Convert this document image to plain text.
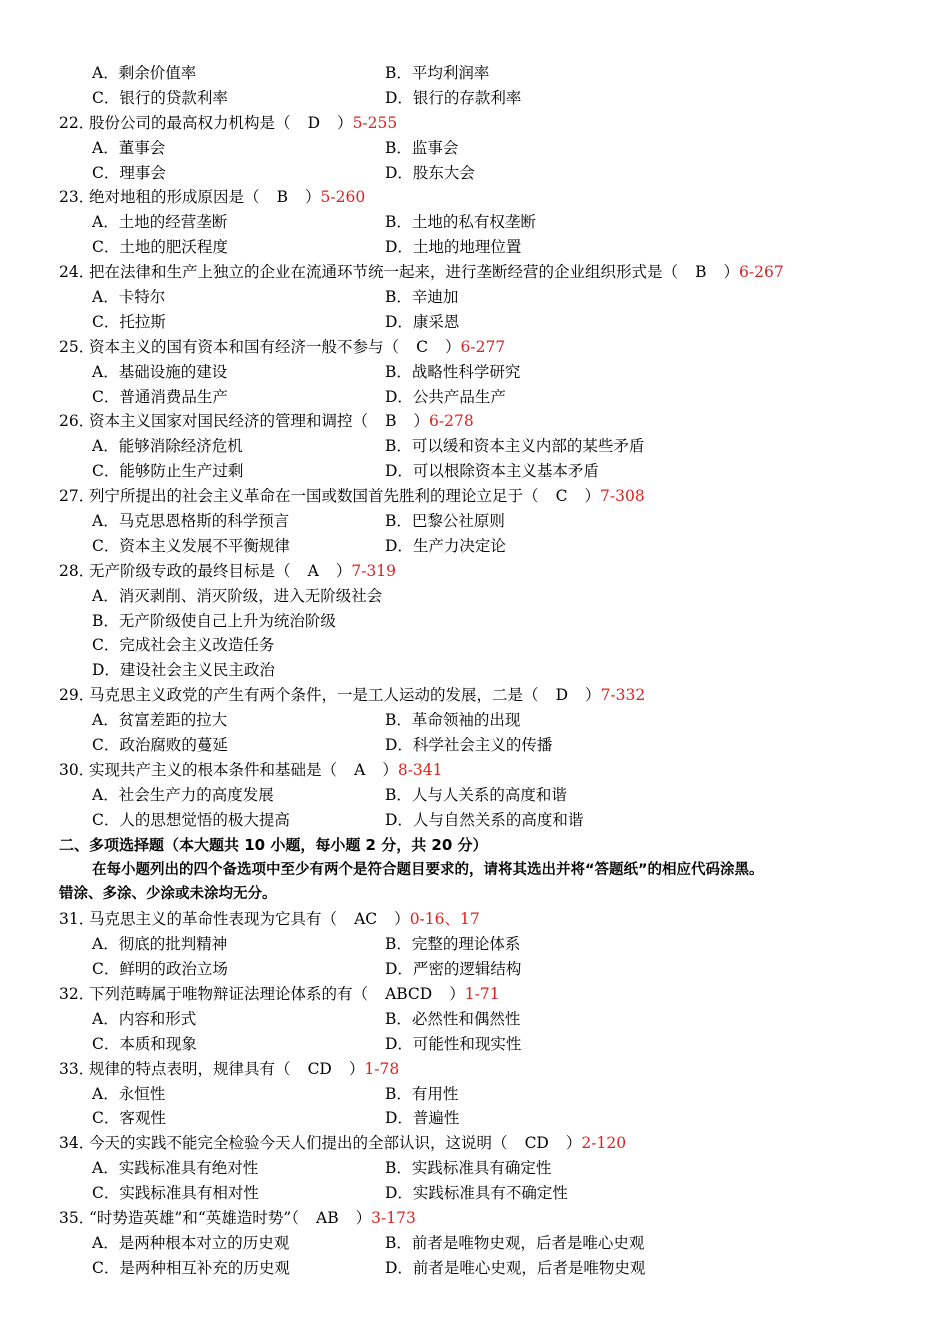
A．剩余价值率	B．平均利润率
C．银行的贷款利率	D．银行的存款利率
22．
股份公司的最高权力机构是（ D ）5-255
A．董事会	B．监事会
C．理事会	D．股东大会
23．
绝对地租的形成原因是（ B ）5-260
A．土地的经营垄断	B．土地的私有权垄断
C．土地的肥沃程度	D．土地的地理位置
24．
把在法律和生产上独立的企业在流通环节统一起来，进行垄断经营的企业组织形式是（ B ）6-267
A．卡特尔	B．辛迪加
C．托拉斯	D．康采恩
25．
资本主义的国有资本和国有经济一般不参与（ C ）6-277
A．基础设施的建设	B．战略性科学研究
C．普通消费品生产	D．公共产品生产
26．
资本主义国家对国民经济的管理和调控（ B ）6-278
A．能够消除经济危机	B．可以缓和资本主义内部的某些矛盾
C．能够防止生产过剩	D．可以根除资本主义基本矛盾
27．
列宁所提出的社会主义革命在一国或数国首先胜利的理论立足于（ C ）7-308
A．马克思恩格斯的科学预言	B．巴黎公社原则
C．资本主义发展不平衡规律	D．生产力决定论
28．
无产阶级专政的最终目标是（ A ）7-319
A．消灭剥削、消灭阶级，进入无阶级社会
B．无产阶级使自己上升为统治阶级
C．完成社会主义改造任务
D．建设社会主义民主政治
29．
马克思主义政党的产生有两个条件，一是工人运动的发展，二是（ D ）7-332
A．贫富差距的拉大	B．革命领袖的出现
C．政治腐败的蔓延	D．科学社会主义的传播
30．
实现共产主义的根本条件和基础是（ A ）8-341
A．社会生产力的高度发展	B．人与人关系的高度和谐
C．人的思想觉悟的极大提高	D．人与自然关系的高度和谐
二、多项选择题（本大题共 10 小题，每小题 2 分，共 20 分）
在每小题列出的四个备选项中至少有两个是符合题目要求的，请将其选出并将“答题纸”的相应代码涂黑。
错涂、多涂、少涂或未涂均无分。
31．
马克思主义的革命性表现为它具有（ AC ）0-16、17
A．彻底的批判精神	B．完整的理论体系
C．鲜明的政治立场	D．严密的逻辑结构
32．
下列范畴属于唯物辩证法理论体系的有（ ABCD ）1-71
A．内容和形式	B．必然性和偶然性
C．本质和现象	D．可能性和现实性
33．
规律的特点表明，规律具有（ CD ）1-78
A．永恒性	B．有用性
C．客观性	D．普遍性
34．
今天的实践不能完全检验今天人们提出的全部认识，这说明（ CD ）2-120
A．实践标准具有绝对性	B．实践标准具有确定性
C．实践标准具有相对性	D．实践标准具有不确定性
35．
“时势造英雄”和“英雄造时势”（ AB ）3-173
A．是两种根本对立的历史观	B．前者是唯物史观，后者是唯心史观
C．是两种相互补充的历史观	D．前者是唯心史观，后者是唯物史观
